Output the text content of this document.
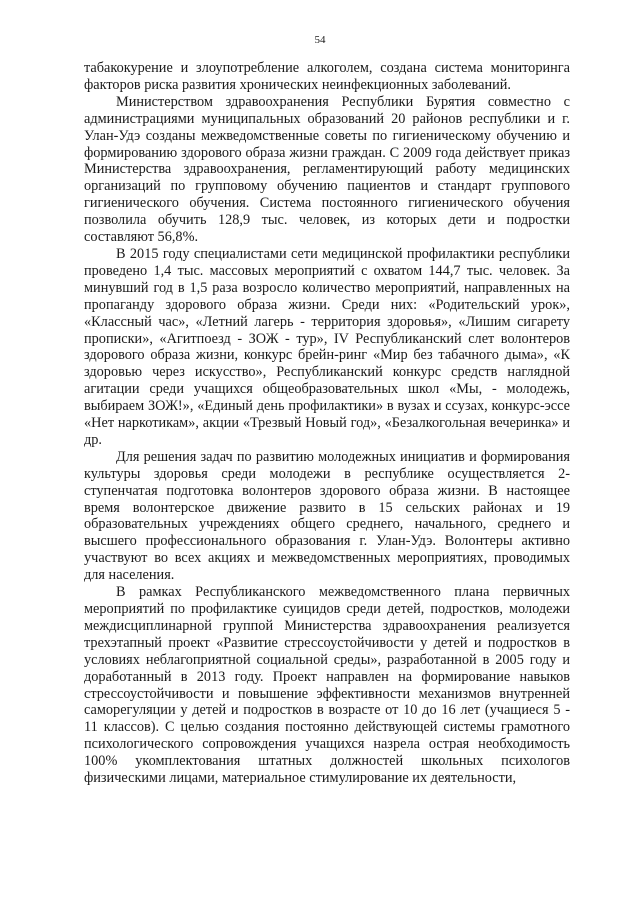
54

табакокурение и злоупотребление алкоголем, создана система мониторинга факторов риска развития хронических неинфекционных заболеваний.

Министерством здравоохранения Республики Бурятия совместно с администрациями муниципальных образований 20 районов республики и г. Улан-Удэ созданы межведомственные советы по гигиеническому обучению и формированию здорового образа жизни граждан. С 2009 года действует приказ Министерства здравоохранения, регламентирующий работу медицинских организаций по групповому обучению пациентов и стандарт группового гигиенического обучения. Система постоянного гигиенического обучения позволила обучить 128,9 тыс. человек, из которых дети и подростки составляют 56,8%.

В 2015 году специалистами сети медицинской профилактики республики проведено 1,4 тыс. массовых мероприятий с охватом 144,7 тыс. человек. За минувший год в 1,5 раза возросло количество мероприятий, направленных на пропаганду здорового образа жизни. Среди них: «Родительский урок», «Классный час», «Летний лагерь - территория здоровья», «Лишим сигарету прописки», «Агитпоезд - ЗОЖ - тур», IV Республиканский слет волонтеров здорового образа жизни, конкурс брейн-ринг «Мир без табачного дыма», «К здоровью через искусство», Республиканский конкурс средств наглядной агитации среди учащихся общеобразовательных школ «Мы, - молодежь, выбираем ЗОЖ!», «Единый день профилактики» в вузах и ссузах, конкурс-эссе «Нет наркотикам», акции «Трезвый Новый год», «Безалкогольная вечеринка» и др.

Для решения задач по развитию молодежных инициатив и формирования культуры здоровья среди молодежи в республике осуществляется 2-ступенчатая подготовка волонтеров здорового образа жизни. В настоящее время волонтерское движение развито в 15 сельских районах и 19 образовательных учреждениях общего среднего, начального, среднего и высшего профессионального образования г. Улан-Удэ. Волонтеры активно участвуют во всех акциях и межведомственных мероприятиях, проводимых для населения.

В рамках Республиканского межведомственного плана первичных мероприятий по профилактике суицидов среди детей, подростков, молодежи междисциплинарной группой Министерства здравоохранения реализуется трехэтапный проект «Развитие стрессоустойчивости у детей и подростков в условиях неблагоприятной социальной среды», разработанной в 2005 году и доработанный в 2013 году. Проект направлен на формирование навыков стрессоустойчивости и повышение эффективности механизмов внутренней саморегуляции у детей и подростков в возрасте от 10 до 16 лет (учащиеся 5 - 11 классов). С целью создания постоянно действующей системы грамотного психологического сопровождения учащихся назрела острая необходимость 100% укомплектования штатных должностей школьных психологов физическими лицами, материальное стимулирование их деятельности,
